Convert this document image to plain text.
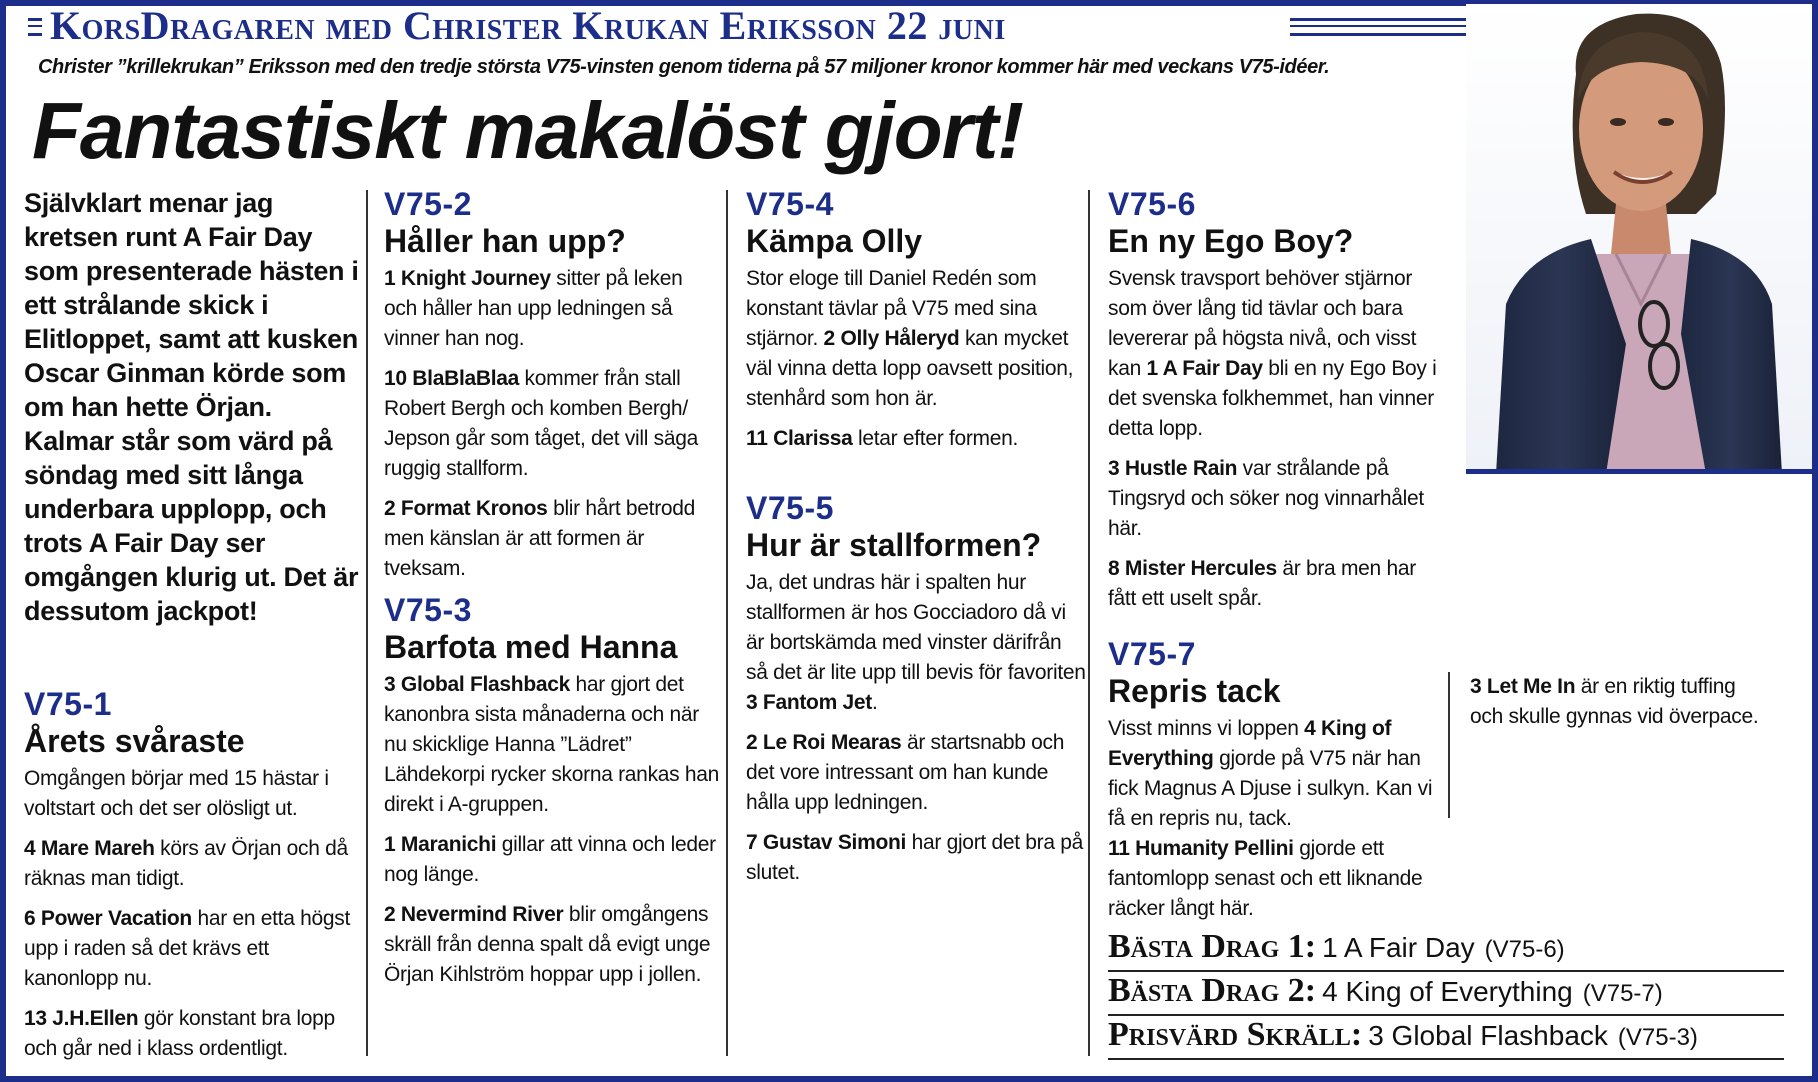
KorsDragaren med Christer Krukan Eriksson 22 juni
Christer ”krillekrukan” Eriksson med den tredje största V75-vinsten genom tiderna på 57 miljoner kronor kommer här med veckans V75-idéer.
Fantastiskt makalöst gjort!
Självklart menar jag kretsen runt A Fair Day som presenterade hästen i ett strålande skick i Elitloppet, samt att kusken Oscar Ginman körde som om han hette Örjan. Kalmar står som värd på söndag med sitt långa underbara upplopp, och trots A Fair Day ser omgången klurig ut. Det är dessutom jackpot!
V75-1
Årets svåraste

Omgången börjar med 15 hästar i voltstart och det ser olösligt ut.

4 Mare Mareh körs av Örjan och då räknas man tidigt.

6 Power Vacation har en etta högst upp i raden så det krävs ett kanonlopp nu.

13 J.H.Ellen gör konstant bra lopp och går ned i klass ordentligt.

V75-2
Håller han upp?

1 Knight Journey sitter på leken och håller han upp ledningen så vinner han nog.

10 BlaBlaBlaa kommer från stall Robert Bergh och komben Bergh/ Jepson går som tåget, det vill säga ruggig stallform.

2 Format Kronos blir hårt betrodd men känslan är att formen är tveksam.

V75-3
Barfota med Hanna

3 Global Flashback har gjort det kanonbra sista månaderna och när nu skicklige Hanna ”Lädret” Lähdekorpi rycker skorna rankas han direkt i A-gruppen.

1 Maranichi gillar att vinna och leder nog länge.

2 Nevermind River blir omgångens skräll från denna spalt då evigt unge Örjan Kihlström hoppar upp i jollen.

V75-4
Kämpa Olly

Stor eloge till Daniel Redén som konstant tävlar på V75 med sina stjärnor. 2 Olly Håleryd kan mycket väl vinna detta lopp oavsett position, stenhård som hon är.

11 Clarissa letar efter formen.

V75-5
Hur är stallformen?

Ja, det undras här i spalten hur stallformen är hos Gocciadoro då vi är bortskämda med vinster därifrån så det är lite upp till bevis för favoriten 3 Fantom Jet.

2 Le Roi Mearas är startsnabb och det vore intressant om han kunde hålla upp ledningen.

7 Gustav Simoni har gjort det bra på slutet.

V75-6
En ny Ego Boy?

Svensk travsport behöver stjärnor som över lång tid tävlar och bara levererar på högsta nivå, och visst kan 1 A Fair Day bli en ny Ego Boy i det svenska folkhemmet, han vinner detta lopp.

3 Hustle Rain var strålande på Tingsryd och söker nog vinnarhålet här.

8 Mister Hercules är bra men har fått ett uselt spår.

V75-7
Repris tack

Visst minns vi loppen 4 King of Everything gjorde på V75 när han fick Magnus A Djuse i sulkyn. Kan vi få en repris nu, tack.

11 Humanity Pellini gjorde ett fantomlopp senast och ett liknande räcker långt här.

3 Let Me In är en riktig tuffing och skulle gynnas vid överpace.

Bästa Drag 1: 1 A Fair Day (V75-6)
Bästa Drag 2: 4 King of Everything (V75-7)
Prisvärd Skräll: 3 Global Flashback (V75-3)
